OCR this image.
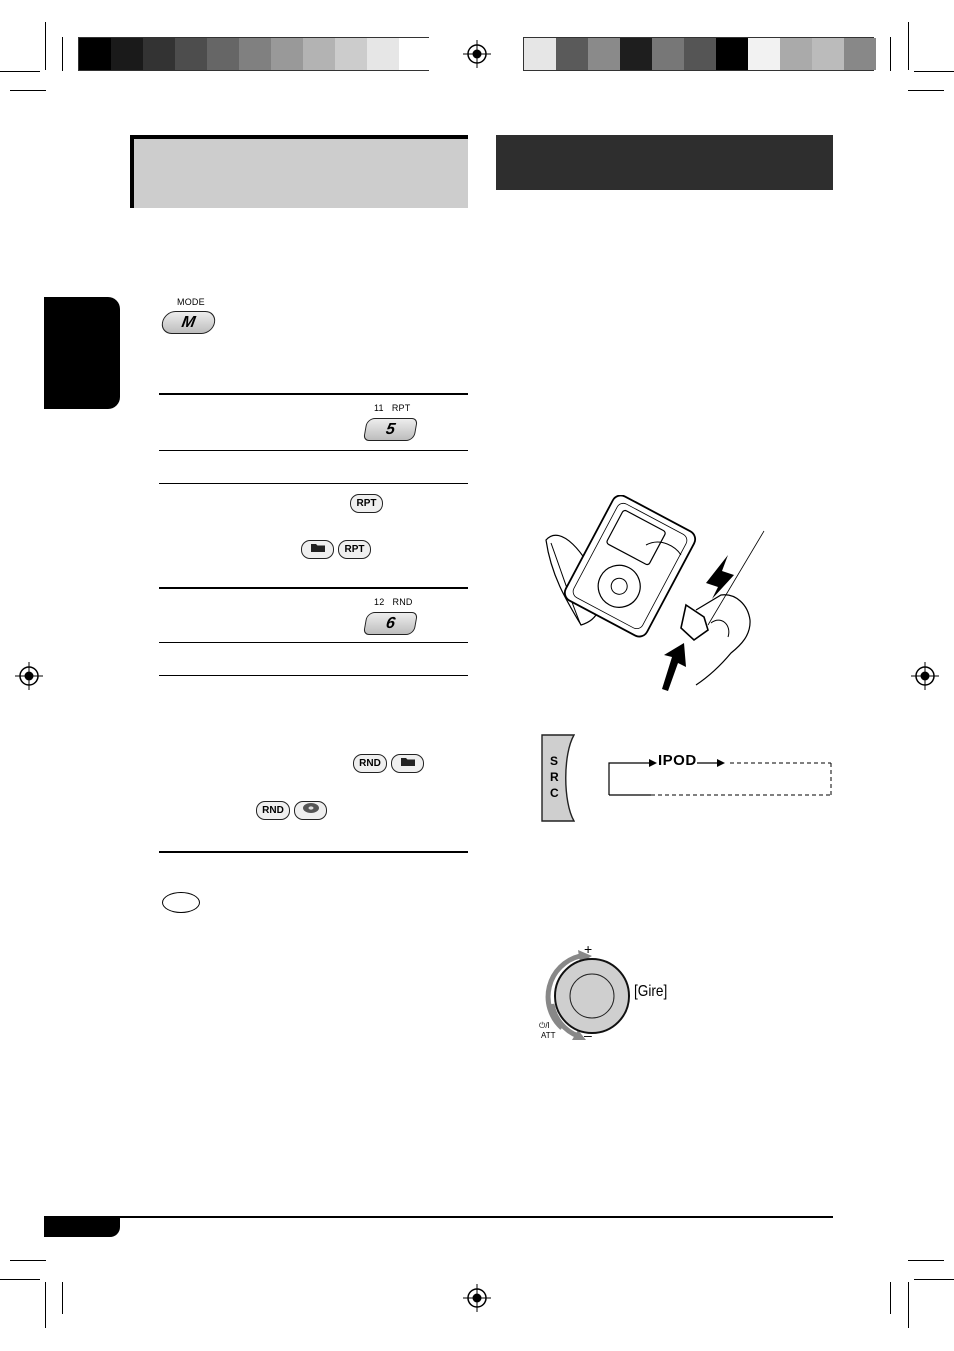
MODE
M
11 RPT
5
RPT
RPT
12 RND
6
RND
RND
S
R
C
IPOD
+
–
⏻/I
ATT
[Gire]
